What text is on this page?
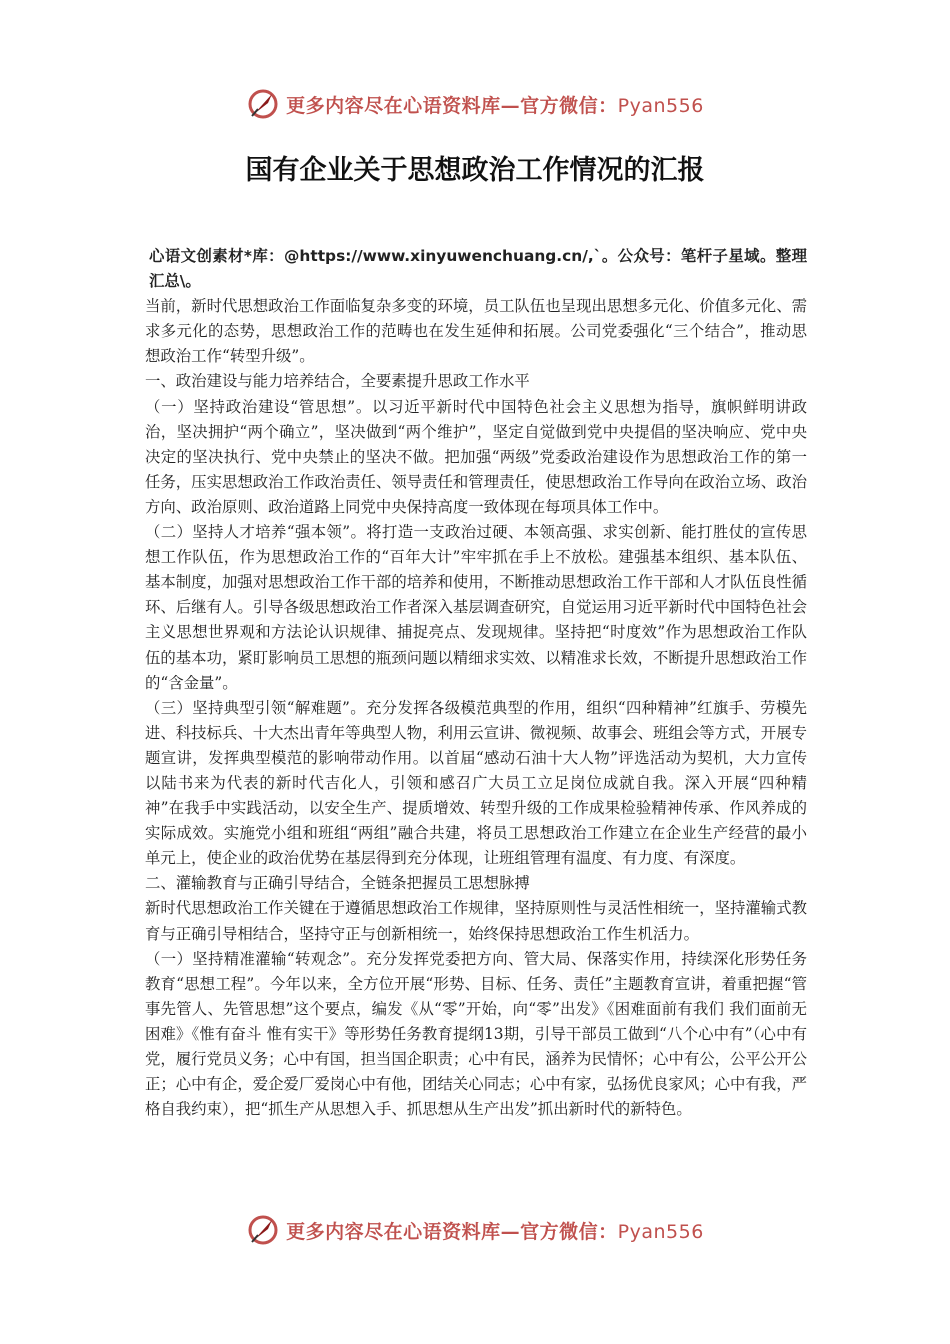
更多内容尽在心语资料库—官方微信：Pyan556
国有企业关于思想政治工作情况的汇报

心语文创素材*库：@https://www.xinyuwenchuang.cn/,`。公众号：笔杆子星域。整理汇总\。

当前，新时代思想政治工作面临复杂多变的环境，员工队伍也呈现出思想多元化、价值多元化、需求多元化的态势，思想政治工作的范畴也在发生延伸和拓展。公司党委强化“三个结合”，推动思想政治工作“转型升级”。

一、政治建设与能力培养结合，全要素提升思政工作水平

（一）坚持政治建设“管思想”。以习近平新时代中国特色社会主义思想为指导，旗帜鲜明讲政治，坚决拥护“两个确立”，坚决做到“两个维护”，坚定自觉做到党中央提倡的坚决响应、党中央决定的坚决执行、党中央禁止的坚决不做。把加强“两级”党委政治建设作为思想政治工作的第一任务，压实思想政治工作政治责任、领导责任和管理责任，使思想政治工作导向在政治立场、政治方向、政治原则、政治道路上同党中央保持高度一致体现在每项具体工作中。

（二）坚持人才培养“强本领”。将打造一支政治过硬、本领高强、求实创新、能打胜仗的宣传思想工作队伍，作为思想政治工作的“百年大计”牢牢抓在手上不放松。建强基本组织、基本队伍、基本制度，加强对思想政治工作干部的培养和使用，不断推动思想政治工作干部和人才队伍良性循环、后继有人。引导各级思想政治工作者深入基层调查研究，自觉运用习近平新时代中国特色社会主义思想世界观和方法论认识规律、捕捉亮点、发现规律。坚持把“时度效”作为思想政治工作队伍的基本功，紧盯影响员工思想的瓶颈问题以精细求实效、以精准求长效，不断提升思想政治工作的“含金量”。

（三）坚持典型引领“解难题”。充分发挥各级模范典型的作用，组织“四种精神”红旗手、劳模先进、科技标兵、十大杰出青年等典型人物，利用云宣讲、微视频、故事会、班组会等方式，开展专题宣讲，发挥典型模范的影响带动作用。以首届“感动石油十大人物”评选活动为契机，大力宣传以陆书来为代表的新时代吉化人，引领和感召广大员工立足岗位成就自我。深入开展“四种精神”在我手中实践活动，以安全生产、提质增效、转型升级的工作成果检验精神传承、作风养成的实际成效。实施党小组和班组“两组”融合共建，将员工思想政治工作建立在企业生产经营的最小单元上，使企业的政治优势在基层得到充分体现，让班组管理有温度、有力度、有深度。

二、灌输教育与正确引导结合，全链条把握员工思想脉搏

新时代思想政治工作关键在于遵循思想政治工作规律，坚持原则性与灵活性相统一，坚持灌输式教育与正确引导相结合，坚持守正与创新相统一，始终保持思想政治工作生机活力。

（一）坚持精准灌输“转观念”。充分发挥党委把方向、管大局、保落实作用，持续深化形势任务教育“思想工程”。今年以来，全方位开展“形势、目标、任务、责任”主题教育宣讲，着重把握“管事先管人、先管思想”这个要点，编发《从“零”开始，向“零”出发》《困难面前有我们 我们面前无困难》《惟有奋斗 惟有实干》等形势任务教育提纲13期，引导干部员工做到“八个心中有”（心中有党，履行党员义务；心中有国，担当国企职责；心中有民，涵养为民情怀；心中有公，公平公开公正；心中有企，爱企爱厂爱岗心中有他，团结关心同志；心中有家，弘扬优良家风；心中有我，严格自我约束），把“抓生产从思想入手、抓思想从生产出发”抓出新时代的新特色。

更多内容尽在心语资料库—官方微信：Pyan556
